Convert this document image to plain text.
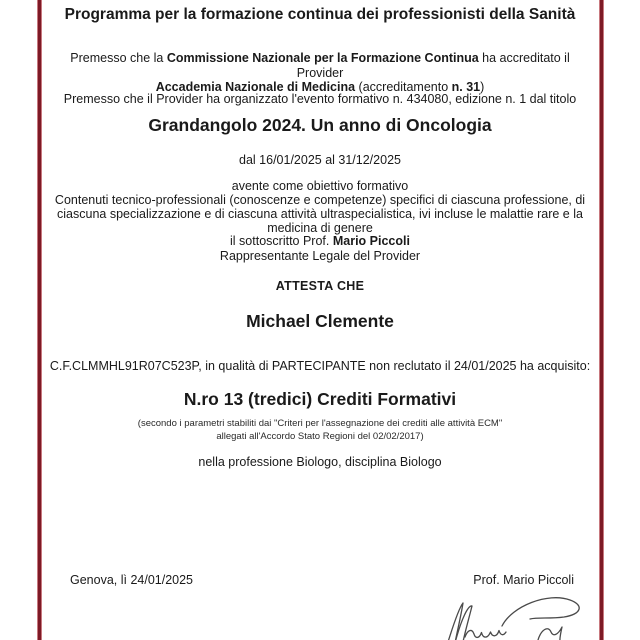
Programma per la formazione continua dei professionisti della Sanità
Premesso che la Commissione Nazionale per la Formazione Continua ha accreditato il Provider
Accademia Nazionale di Medicina (accreditamento n. 31)
Premesso che il Provider ha organizzato l'evento formativo n. 434080, edizione n. 1 dal titolo
Grandangolo 2024. Un anno di Oncologia
dal 16/01/2025 al 31/12/2025
avente come obiettivo formativo
Contenuti tecnico-professionali (conoscenze e competenze) specifici di ciascuna professione, di ciascuna specializzazione e di ciascuna attività ultraspecialistica, ivi incluse le malattie rare e la medicina di genere
il sottoscritto Prof. Mario Piccoli
Rappresentante Legale del Provider
ATTESTA CHE
Michael Clemente
C.F.CLMMHL91R07C523P, in qualità di PARTECIPANTE non reclutato il 24/01/2025 ha acquisito:
N.ro 13 (tredici) Crediti Formativi
(secondo i parametri stabiliti dai "Criteri per l'assegnazione dei crediti alle attività ECM"
allegati all'Accordo Stato Regioni del 02/02/2017)
nella professione Biologo, disciplina Biologo
Genova, lì 24/01/2025	Prof. Mario Piccoli
